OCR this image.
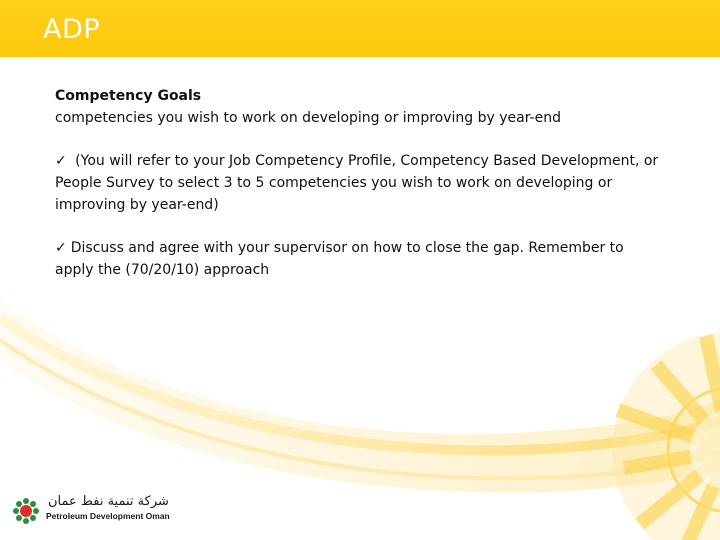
ADP

Competency Goals

competencies you wish to work on developing or improving by year-end

✓ (You will refer to your Job Competency Profile, Competency Based Development, or People Survey to select 3 to 5 competencies you wish to work on developing or improving by year-end)

✓ Discuss and agree with your supervisor on how to close the gap. Remember to apply the (70/20/10) approach

شركة تنمية نفط عمان
Petroleum Development Oman
